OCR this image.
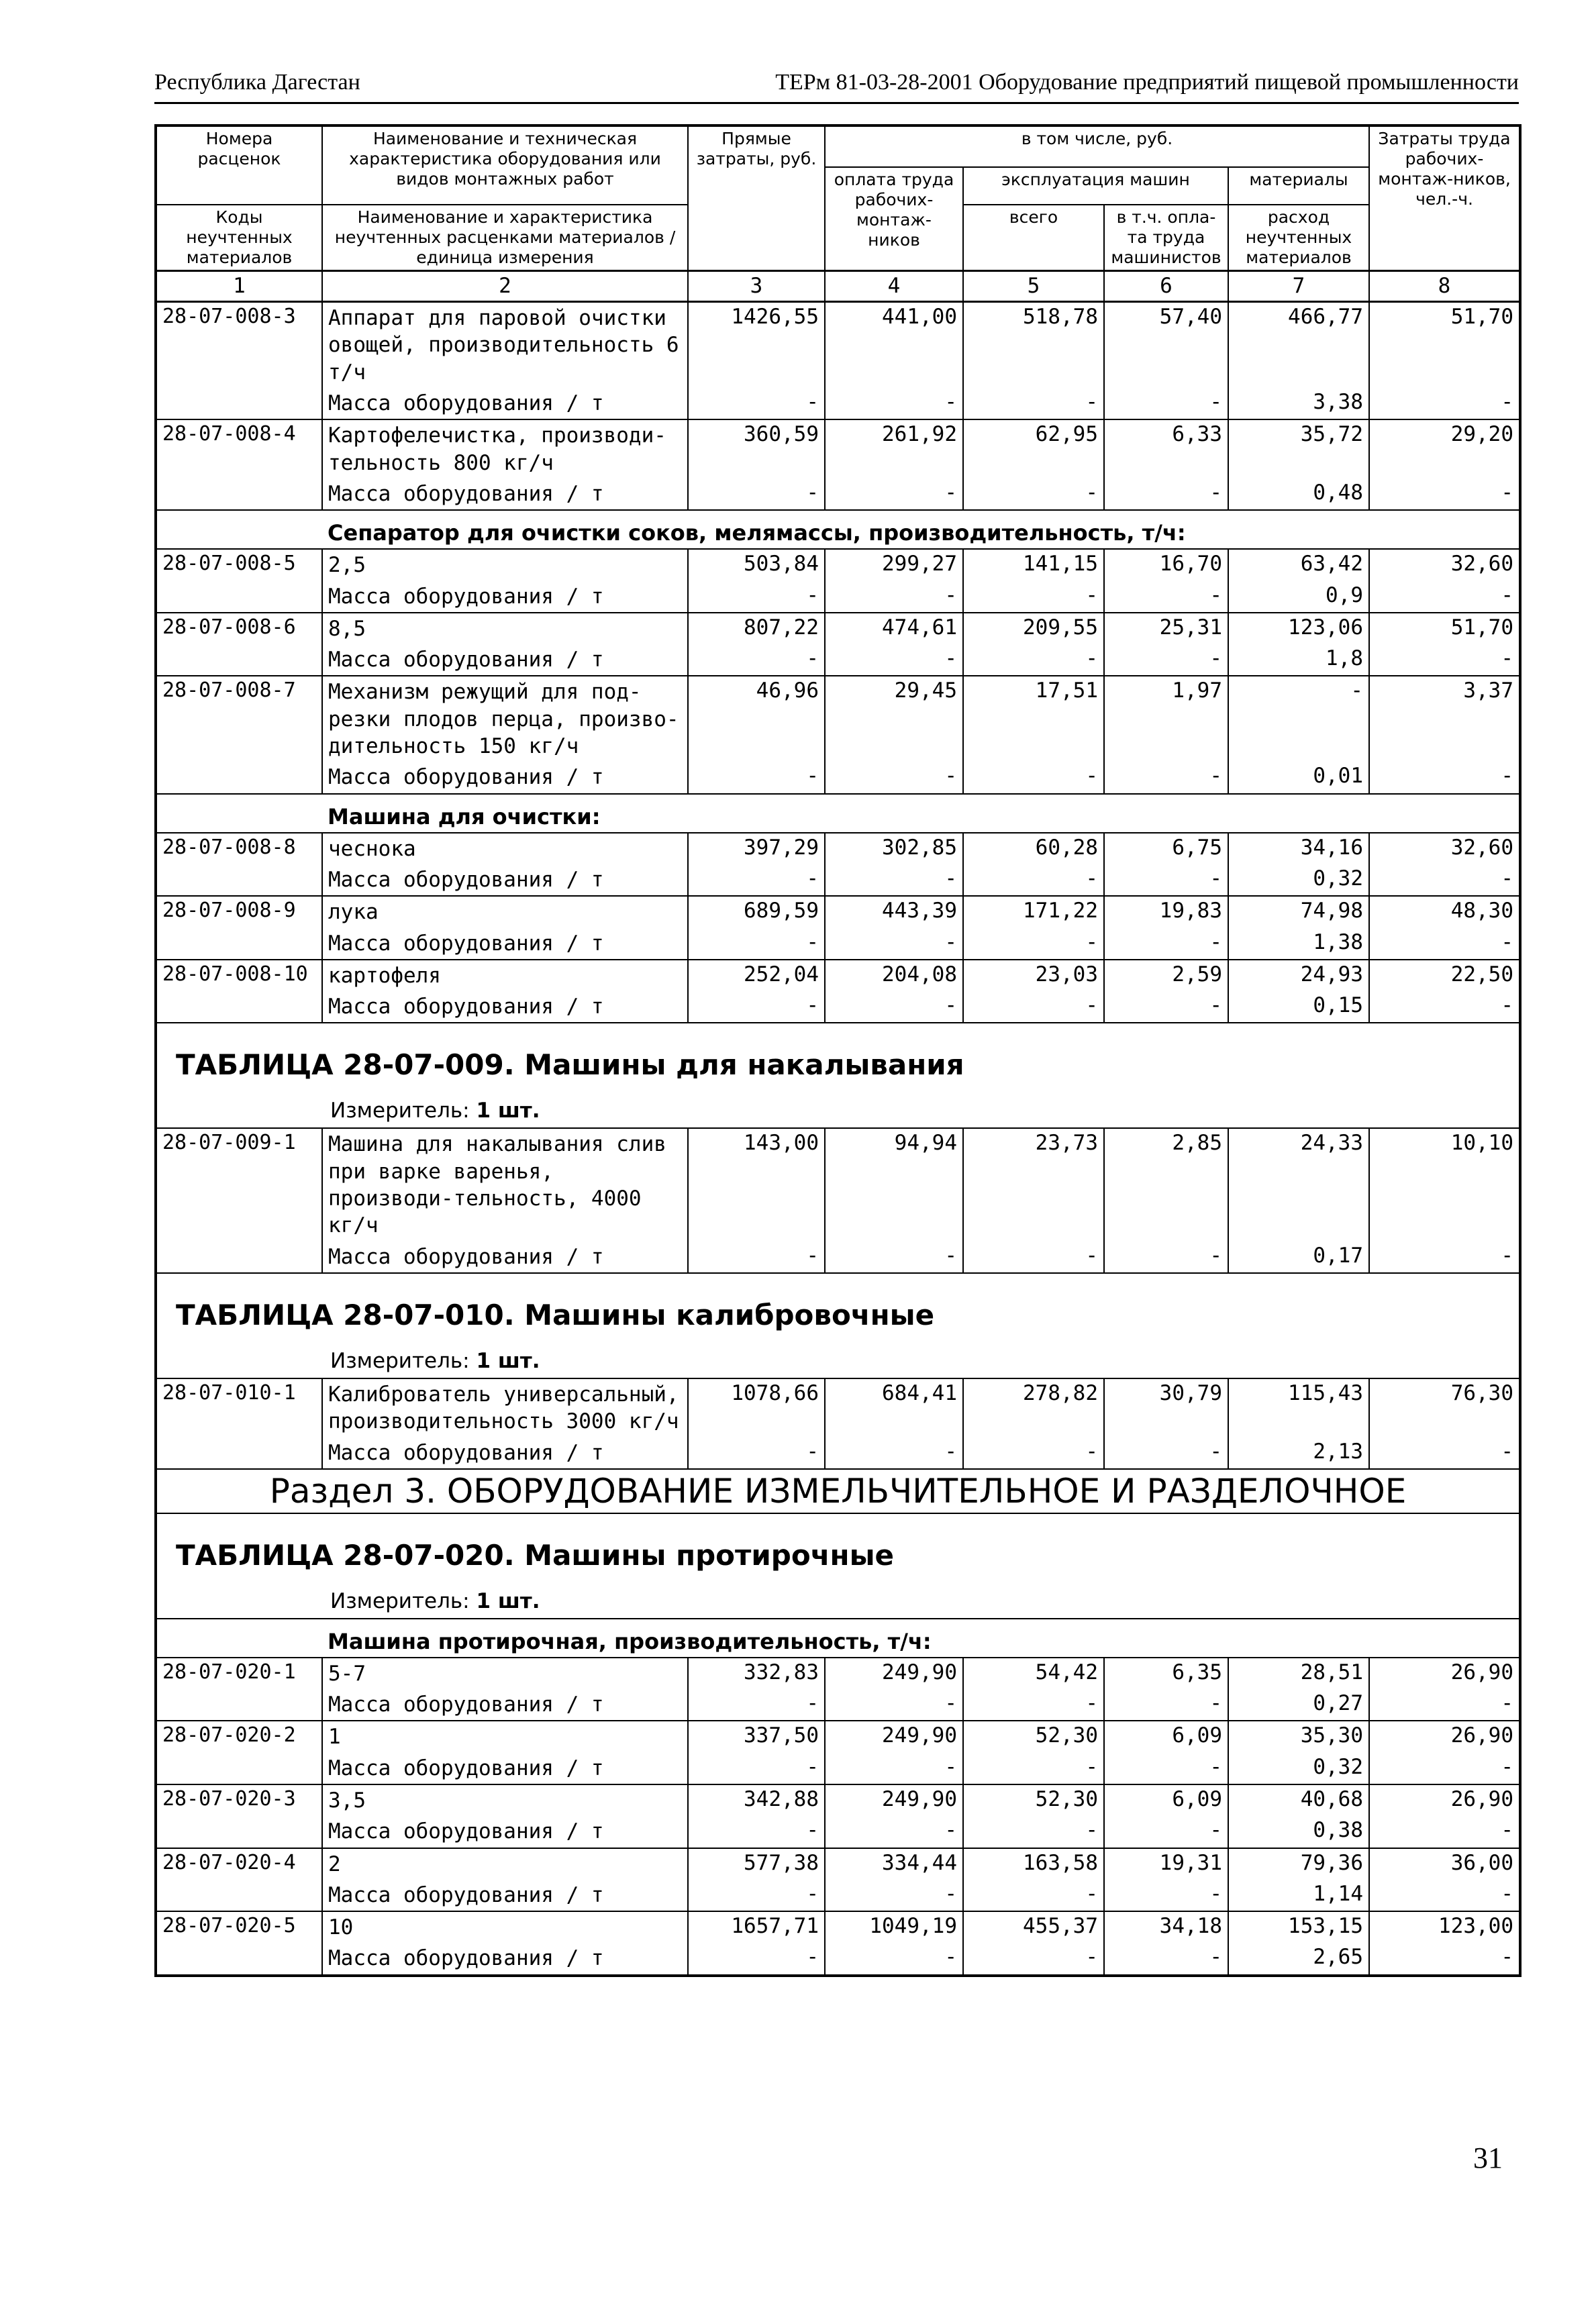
Республика Дагестан	ТЕРм 81-03-28-2001 Оборудование предприятий пищевой промышленности
Номера расценок	Наименование и техническая характеристика оборудования или видов монтажных работ	Прямые затраты, руб.	в том числе, руб.				Затраты труда рабочих-монтаж-ников, чел.-ч.
			оплата труда рабочих-монтаж-ников	эксплуатация машин		материалы	
Коды неучтенных материалов	Наименование и характеристика неучтенных расценками материалов / единица измерения			всего	в т.ч. опла-та труда машинистов	расход неучтенных материалов	

1	2	3	4	5	6	7	8
28-07-008-3	Аппарат для паровой очистки овощей, производительность 6 т/ч	1426,55	441,00	518,78	57,40	466,77	51,70
	Масса оборудования / т	-	-	-	-	3,38	-
28-07-008-4	Картофелечистка, производи-тельность 800 кг/ч	360,59	261,92	62,95	6,33	35,72	29,20
	Масса оборудования / т	-	-	-	-	0,48	-
	Сепаратор для очистки соков, мелямассы, производительность, т/ч:						
28-07-008-5	2,5	503,84	299,27	141,15	16,70	63,42	32,60
	Масса оборудования / т	-	-	-	-	0,9	-
28-07-008-6	8,5	807,22	474,61	209,55	25,31	123,06	51,70
	Масса оборудования / т	-	-	-	-	1,8	-
28-07-008-7	Механизм режущий для под-резки плодов перца, произво-дительность 150 кг/ч	46,96	29,45	17,51	1,97	-	3,37
	Масса оборудования / т	-	-	-	-	0,01	-
	Машина для очистки:						
28-07-008-8	чеснока	397,29	302,85	60,28	6,75	34,16	32,60
	Масса оборудования / т	-	-	-	-	0,32	-
28-07-008-9	лука	689,59	443,39	171,22	19,83	74,98	48,30
	Масса оборудования / т	-	-	-	-	1,38	-
28-07-008-10	картофеля	252,04	204,08	23,03	2,59	24,93	22,50
	Масса оборудования / т	-	-	-	-	0,15	-

ТАБЛИЦА 28-07-009. Машины для накалывания
Измеритель: 1 шт.							

28-07-009-1	Машина для накалывания слив при варке варенья, производи-тельность, 4000 кг/ч	143,00	94,94	23,73	2,85	24,33	10,10
	Масса оборудования / т	-	-	-	-	0,17	-

ТАБЛИЦА 28-07-010. Машины калибровочные
Измеритель: 1 шт.							

28-07-010-1	Калиброватель универсальный, производительность 3000 кг/ч	1078,66	684,41	278,82	30,79	115,43	76,30
	Масса оборудования / т	-	-	-	-	2,13	-
Раздел 3. ОБОРУДОВАНИЕ ИЗМЕЛЬЧИТЕЛЬНОЕ И РАЗДЕЛОЧНОЕ							

ТАБЛИЦА 28-07-020. Машины протирочные
Измеритель: 1 шт.							

	Машина протирочная, производительность, т/ч:						
28-07-020-1	5-7	332,83	249,90	54,42	6,35	28,51	26,90
	Масса оборудования / т	-	-	-	-	0,27	-
28-07-020-2	1	337,50	249,90	52,30	6,09	35,30	26,90
	Масса оборудования / т	-	-	-	-	0,32	-
28-07-020-3	3,5	342,88	249,90	52,30	6,09	40,68	26,90
	Масса оборудования / т	-	-	-	-	0,38	-
28-07-020-4	2	577,38	334,44	163,58	19,31	79,36	36,00
	Масса оборудования / т	-	-	-	-	1,14	-
28-07-020-5	10	1657,71	1049,19	455,37	34,18	153,15	123,00
	Масса оборудования / т	-	-	-	-	2,65	-
31
